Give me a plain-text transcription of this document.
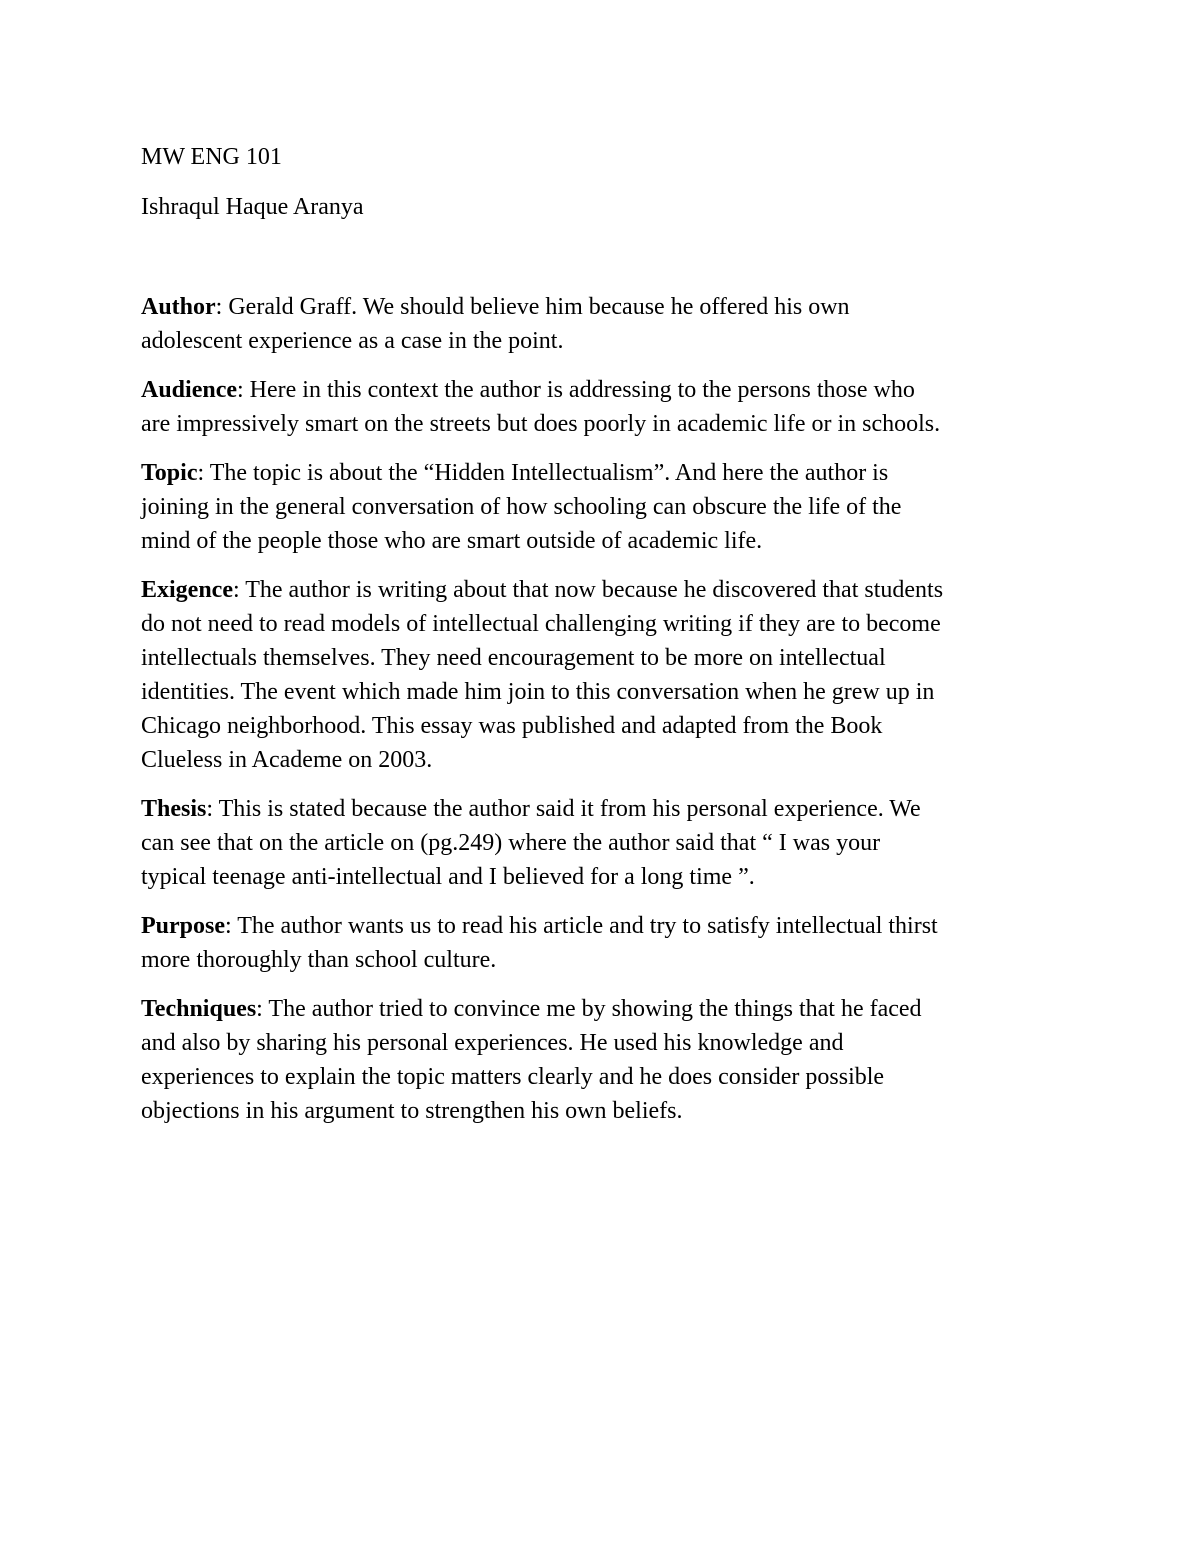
MW ENG 101

Ishraqul Haque Aranya

Author: Gerald Graff. We should believe him because he offered his own
adolescent experience as a case in the point.

Audience: Here in this context the author is addressing to the persons those who
are impressively smart on the streets but does poorly in academic life or in schools.

Topic: The topic is about the “Hidden Intellectualism”. And here the author is
joining in the general conversation of how schooling can obscure the life of the
mind of the people those who are smart outside of academic life.

Exigence: The author is writing about that now because he discovered that students
do not need to read models of intellectual challenging writing if they are to become
intellectuals themselves. They need encouragement to be more on intellectual
identities. The event which made him join to this conversation when he grew up in
Chicago neighborhood. This essay was published and adapted from the Book
Clueless in Academe on 2003.

Thesis: This is stated because the author said it from his personal experience. We
can see that on the article on (pg.249) where the author said that “ I was your
typical teenage anti-intellectual and I believed for a long time ”.

Purpose: The author wants us to read his article and try to satisfy intellectual thirst
more thoroughly than school culture.

Techniques: The author tried to convince me by showing the things that he faced
and also by sharing his personal experiences. He used his knowledge and
experiences to explain the topic matters clearly and he does consider possible
objections in his argument to strengthen his own beliefs.
